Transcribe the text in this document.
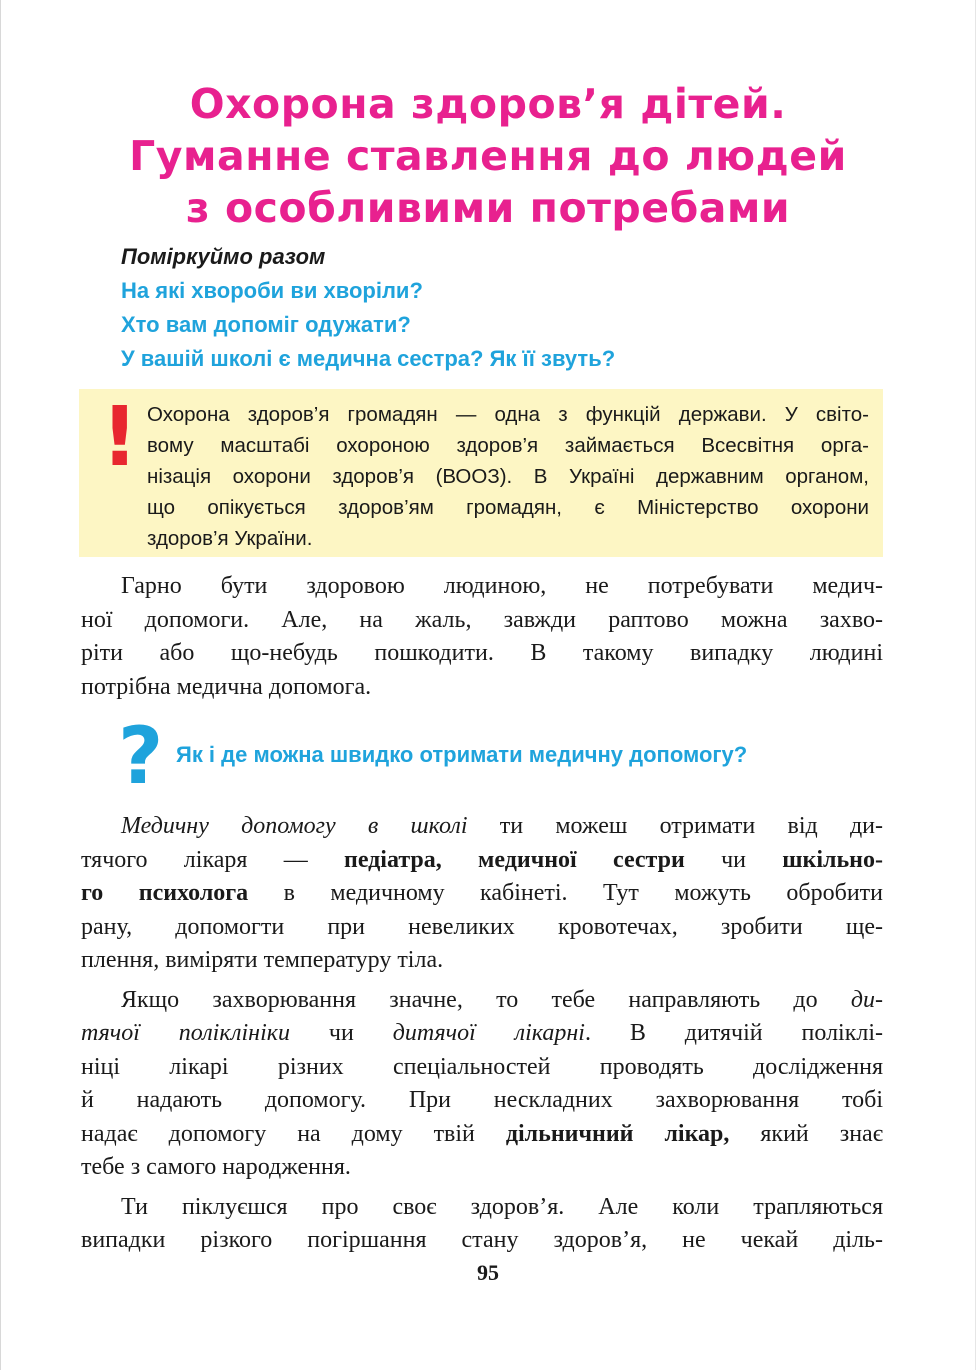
Охорона здоров’я дітей.
Гуманне ставлення до людей
з особливими потребами
Поміркуймо разом
На які хвороби ви хворіли?
Хто вам допоміг одужати?
У вашій школі є медична сестра? Як її звуть?
! Охорона здоров’я громадян — одна з функцій держави. У світо-
вому масштабі охороною здоров’я займається Всесвітня орга-
нізація охорони здоров’я (ВООЗ). В Україні державним органом,
що опікується здоров’ям громадян, є Міністерство охорони
здоров’я України.
Гарно бути здоровою людиною, не потребувати медич-
ної допомоги. Але, на жаль, завжди раптово можна захво-
ріти або що-небудь пошкодити. В такому випадку людині
потрібна медична допомога.
? Як і де можна швидко отримати медичну допомогу?
Медичну допомогу в школі ти можеш отримати від ди-
тячого лікаря — педіатра, медичної сестри чи шкільно-
го психолога в медичному кабінеті. Тут можуть обробити
рану, допомогти при невеликих кровотечах, зробити ще-
плення, виміряти температуру тіла.
Якщо захворювання значне, то тебе направляють до ди-
тячої поліклініки чи дитячої лікарні. В дитячій поліклі-
ніці лікарі різних спеціальностей проводять дослідження
й надають допомогу. При нескладних захворювання тобі
надає допомогу на дому твій дільничний лікар, який знає
тебе з самого народження.
Ти піклуєшся про своє здоров’я. Але коли трапляються
випадки різкого погіршання стану здоров’я, не чекай діль-
95
